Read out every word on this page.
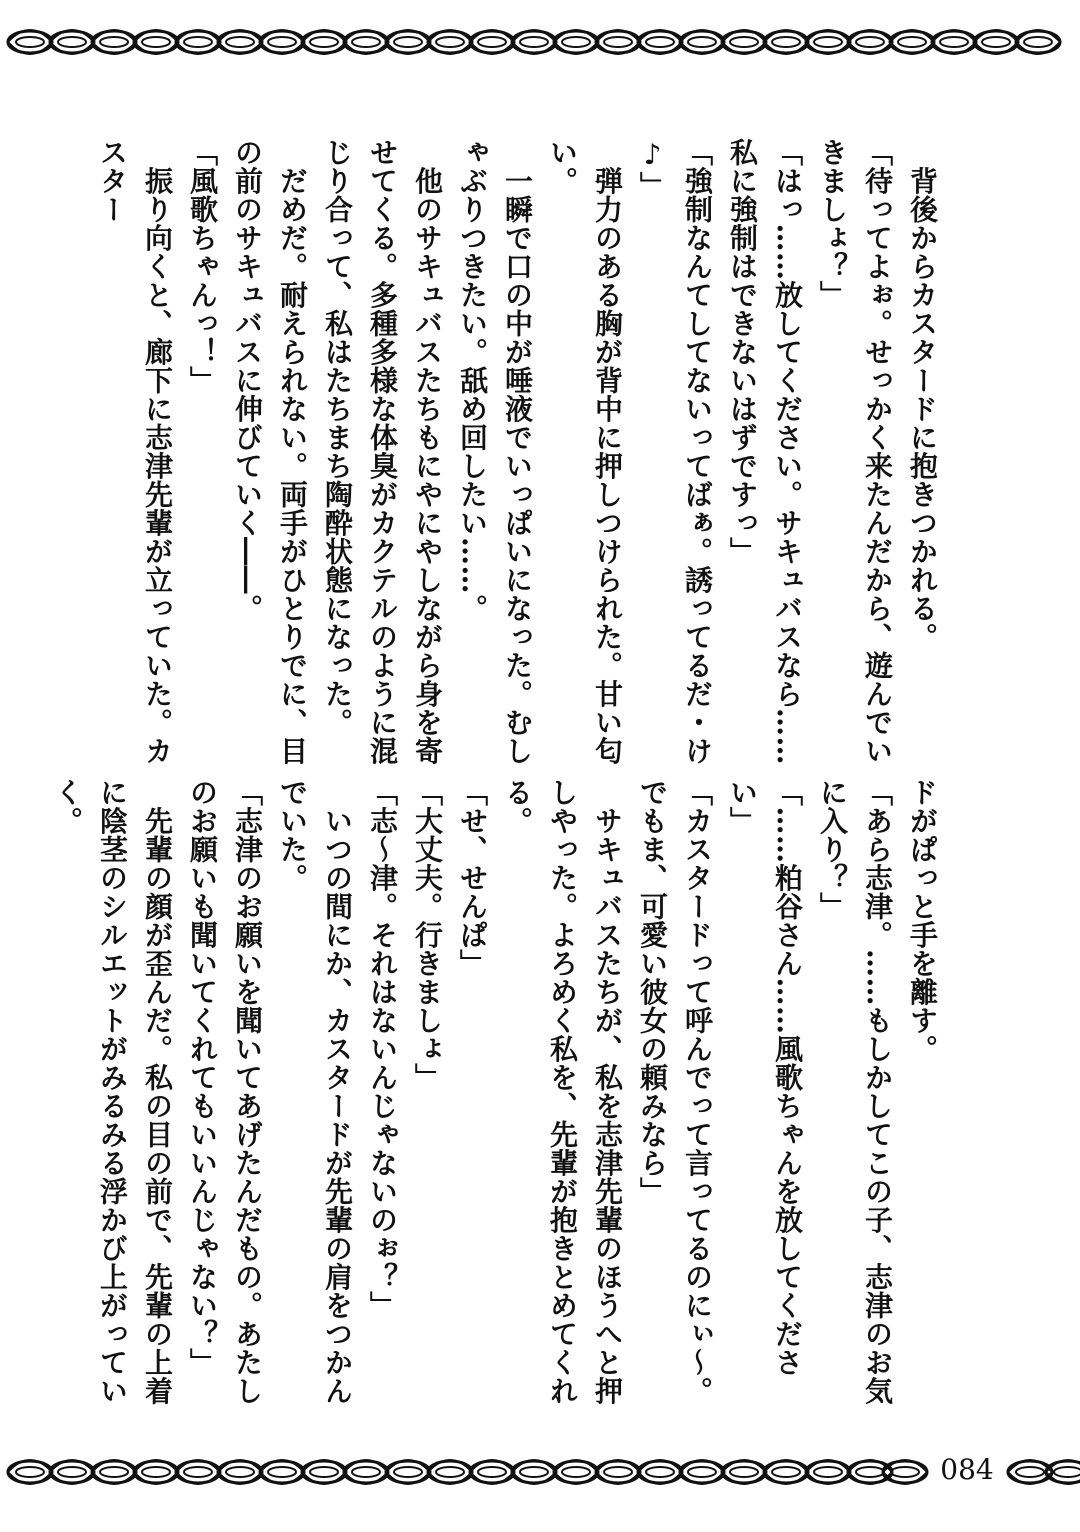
　背後からカスタードに抱きつかれる。

「待ってよぉ。せっかく来たんだから、遊んでいきましょ？」

「はっ……放してください。サキュバスなら……私に強制はできないはずですっ」

「強制なんてしてないってばぁ。誘ってるだ・け♪」

　弾力のある胸が背中に押しつけられた。甘い匂い。

　一瞬で口の中が唾液でいっぱいになった。むしゃぶりつきたい。舐め回したい……。

　他のサキュバスたちもにやにやしながら身を寄せてくる。多種多様な体臭がカクテルのように混じり合って、私はたちまち陶酔状態になった。

　だめだ。耐えられない。両手がひとりでに、目の前のサキュバスに伸びていく――。

「風歌ちゃんっ！」

　振り向くと、廊下に志津先輩が立っていた。カスター

ドがぱっと手を離す。

「あら志津。……もしかしてこの子、志津のお気に入り？」

「……粕谷さん……風歌ちゃんを放してください」

「カスタードって呼んでって言ってるのにぃ～。でもま、可愛い彼女の頼みなら」

　サキュバスたちが、私を志津先輩のほうへと押しやった。よろめく私を、先輩が抱きとめてくれる。

「せ、せんぱ」

「大丈夫。行きましょ」

「志～津。それはないんじゃないのぉ？」

　いつの間にか、カスタードが先輩の肩をつかんでいた。

「志津のお願いを聞いてあげたんだもの。あたしのお願いも聞いてくれてもいいんじゃない？」

　先輩の顔が歪んだ。私の目の前で、先輩の上着に陰茎のシルエットがみるみる浮かび上がっていく。

084
